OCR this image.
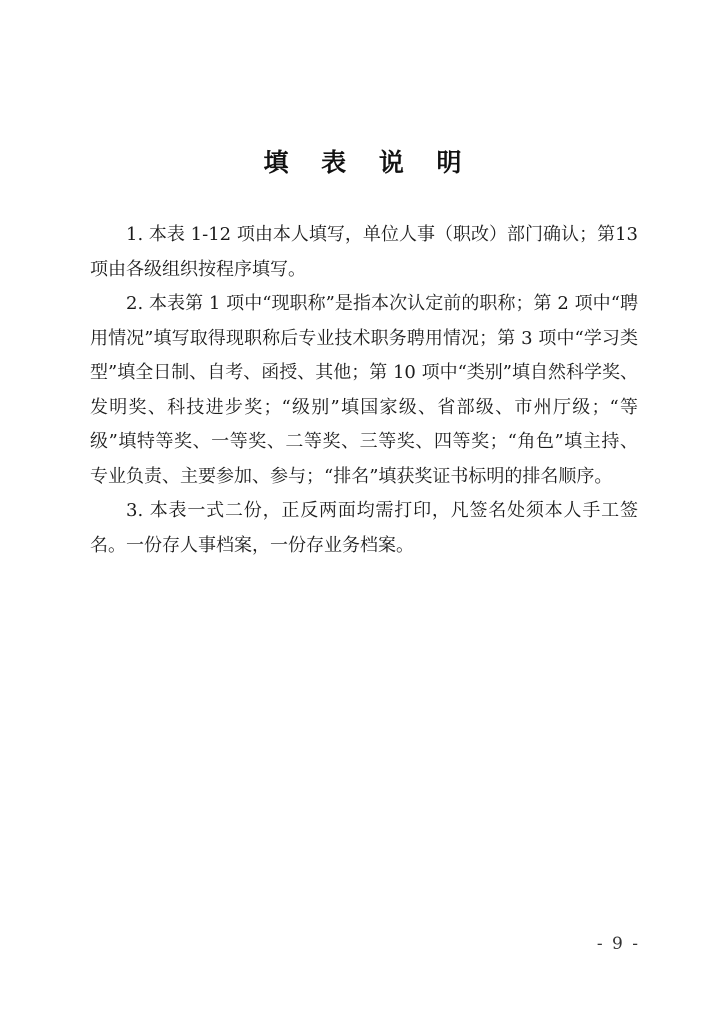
填 表 说 明

1. 本表 1-12 项由本人填写，单位人事（职改）部门确认；第13项由各级组织按程序填写。

2. 本表第 1 项中“现职称”是指本次认定前的职称；第 2 项中“聘用情况”填写取得现职称后专业技术职务聘用情况；第 3 项中“学习类型”填全日制、自考、函授、其他；第 10 项中“类别”填自然科学奖、发明奖、科技进步奖；“级别”填国家级、省部级、市州厅级；“等级”填特等奖、一等奖、二等奖、三等奖、四等奖；“角色”填主持、专业负责、主要参加、参与；“排名”填获奖证书标明的排名顺序。

3. 本表一式二份，正反两面均需打印，凡签名处须本人手工签名。一份存人事档案，一份存业务档案。

- 9 -
